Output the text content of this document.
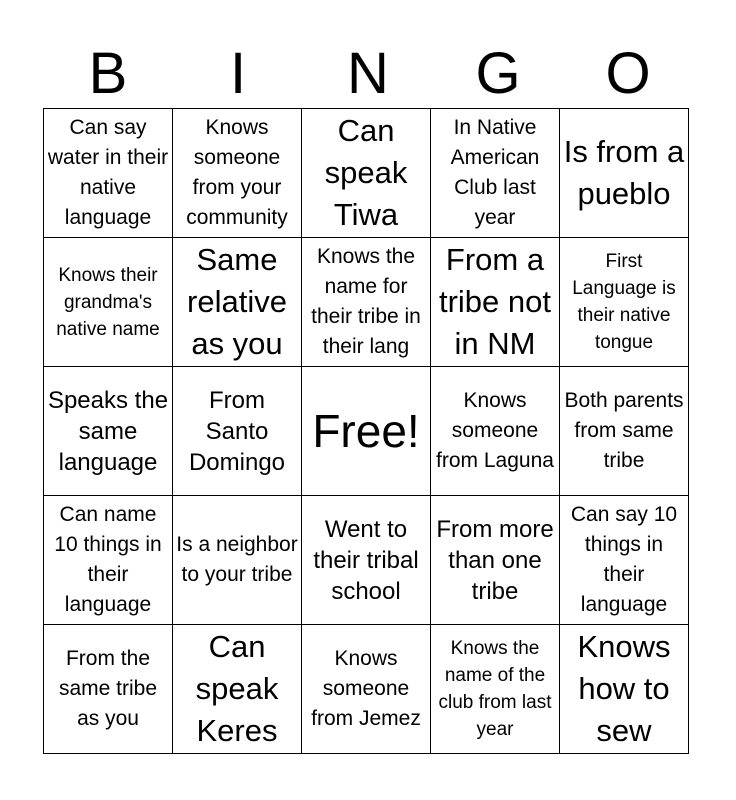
B	I	N	G	O
Can say water in their native language	Knows someone from your community	Can speak Tiwa	In Native American Club last year	Is from a pueblo

Knows their grandma's native name	Same relative as you	Knows the name for their tribe in their lang	From a tribe not in NM	First Language is their native tongue

Speaks the same language	From Santo Domingo	Free!	Knows someone from Laguna	Both parents from same tribe

Can name 10 things in their language	Is a neighbor to your tribe	Went to their tribal school	From more than one tribe	Can say 10 things in their language

From the same tribe as you	Can speak Keres	Knows someone from Jemez	Knows the name of the club from last year	Knows how to sew
